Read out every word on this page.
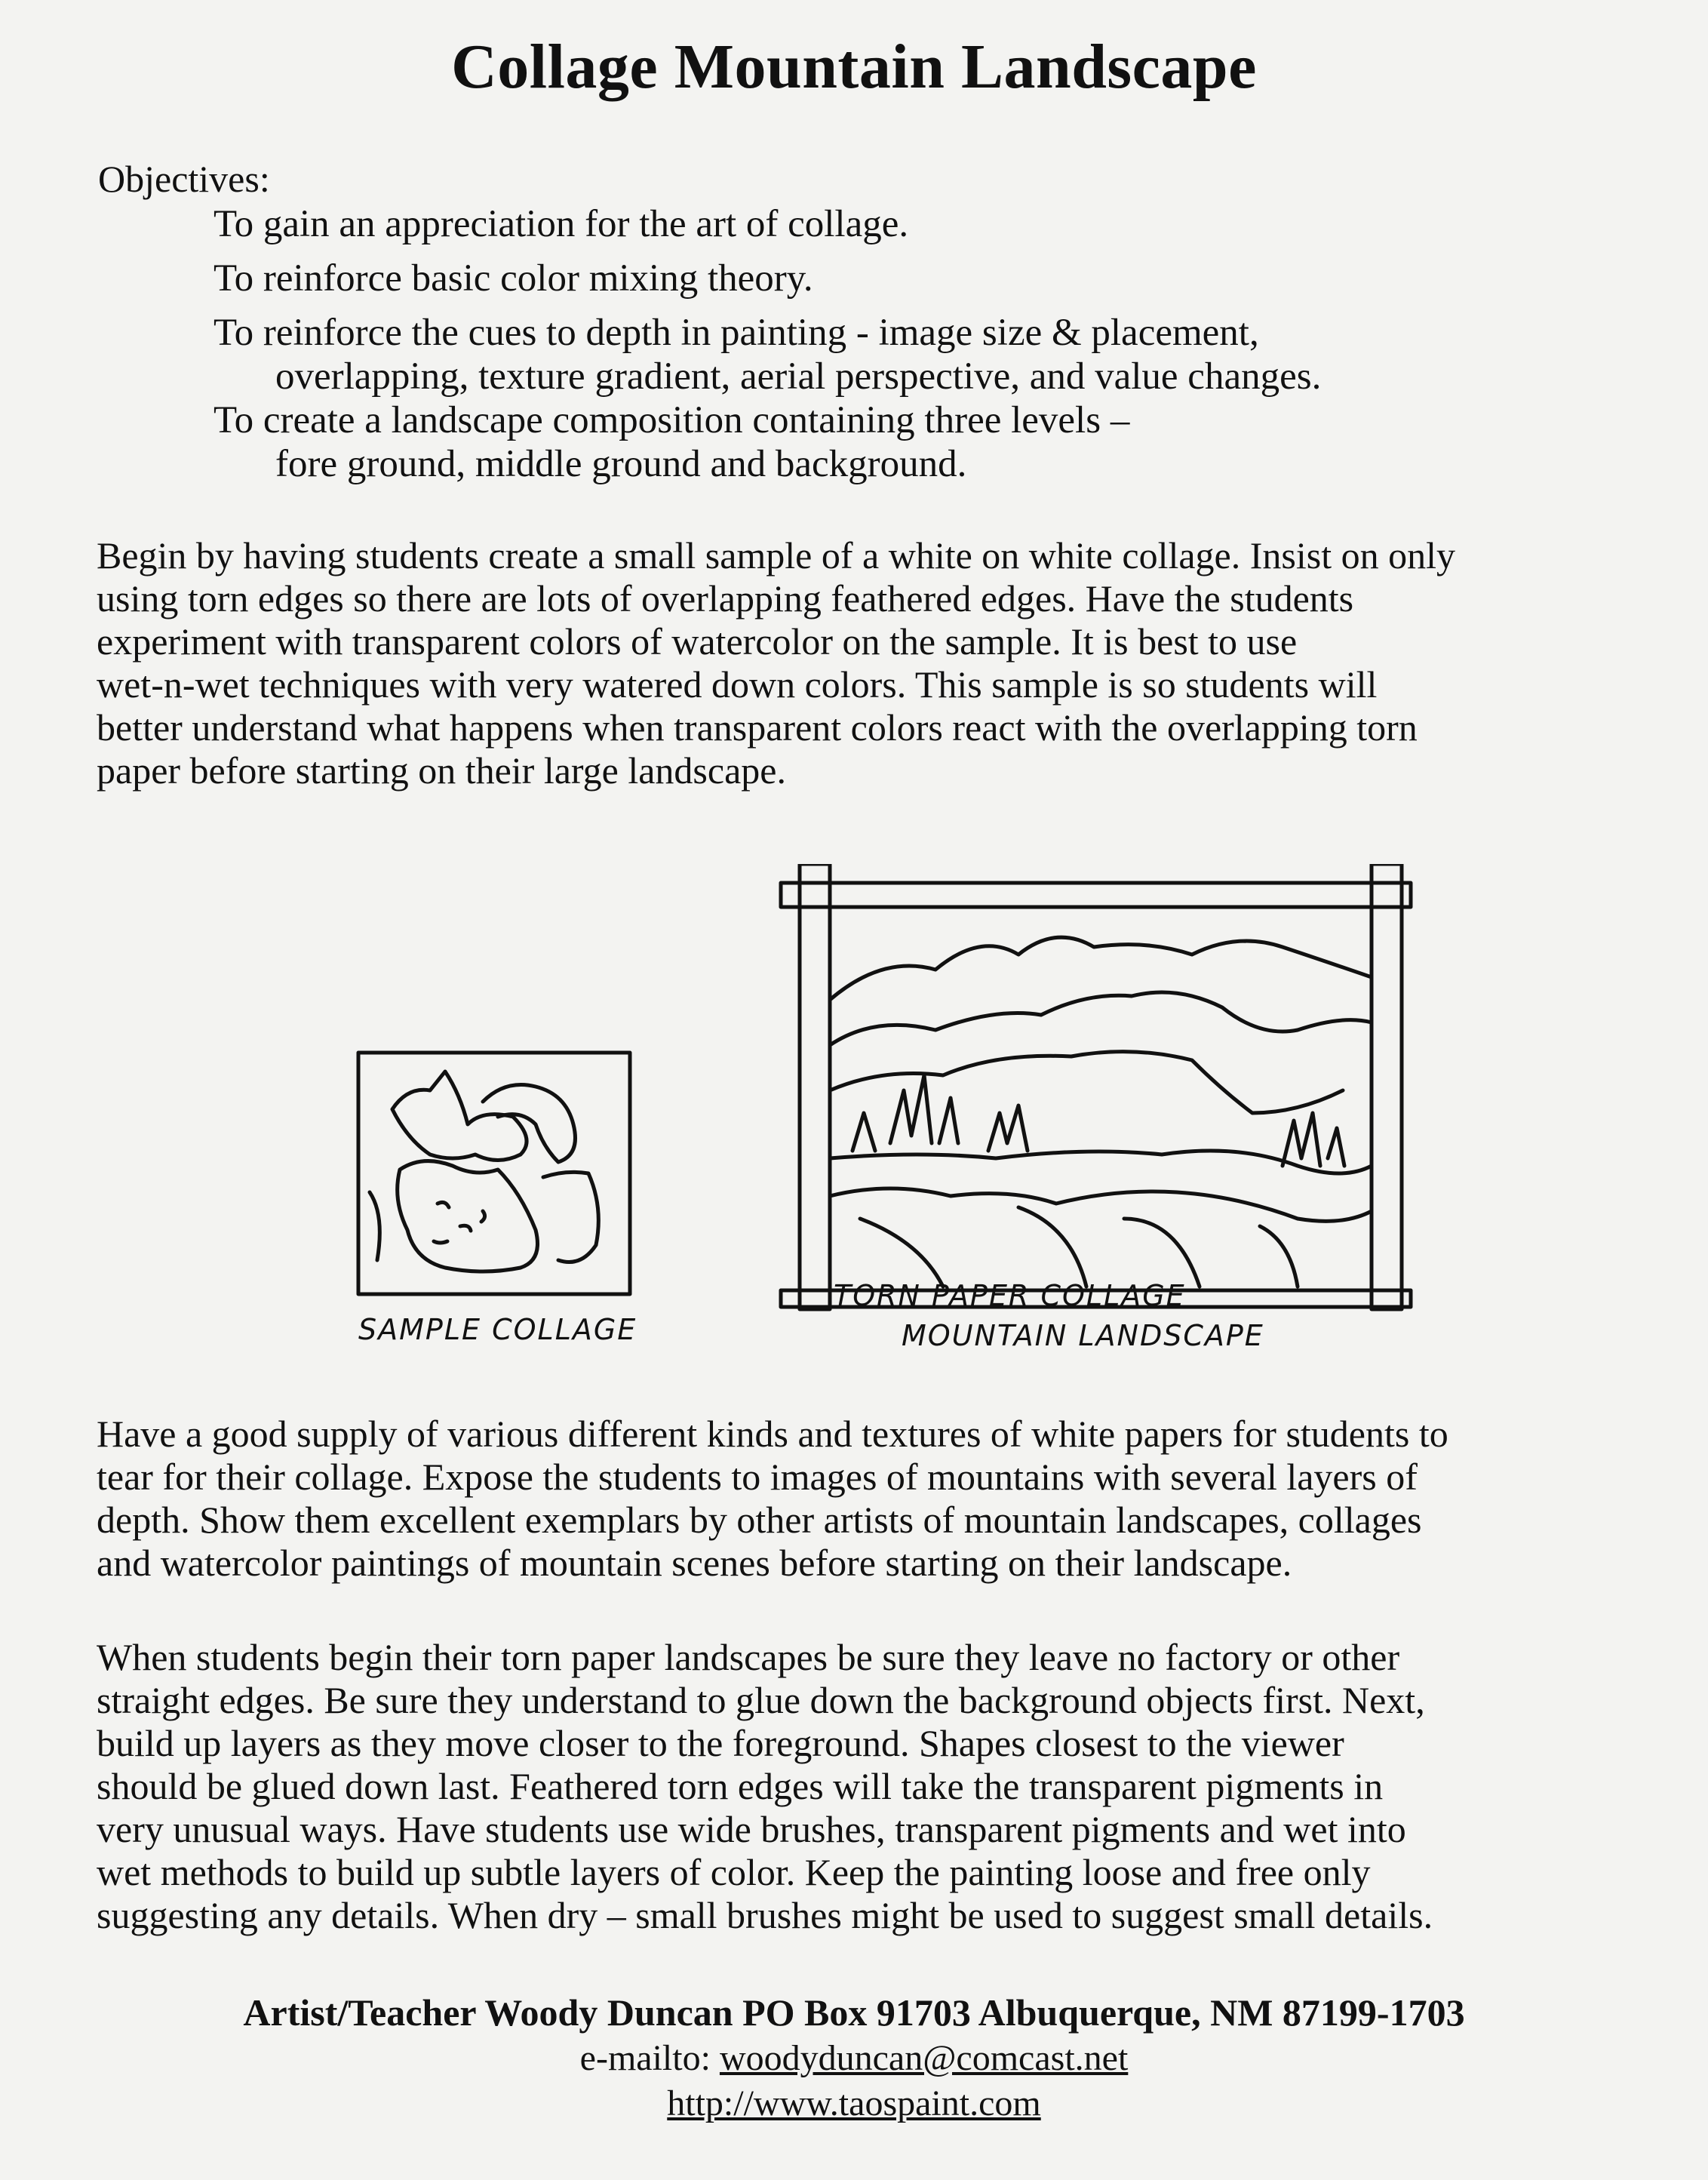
Collage Mountain Landscape
Objectives:
To gain an appreciation for the art of collage.
To reinforce basic color mixing theory.
To reinforce the cues to depth in painting - image size & placement,
overlapping, texture gradient, aerial perspective, and value changes.
To create a landscape composition containing three levels –
fore ground, middle ground and background.
Begin by having students create a small sample of a white on white collage. Insist on only
using torn edges so there are lots of overlapping feathered edges. Have the students
experiment with transparent colors of watercolor on the sample. It is best to use
wet-n-wet techniques with very watered down colors. This sample is so students will
better understand what happens when transparent colors react with the overlapping torn
paper before starting on their large landscape.
SAMPLE COLLAGE
TORN PAPER COLLAGE
MOUNTAIN LANDSCAPE
Have a good supply of various different kinds and textures of white papers for students to
tear for their collage. Expose the students to images of mountains with several layers of
depth. Show them excellent exemplars by other artists of mountain landscapes, collages
and watercolor paintings of mountain scenes before starting on their landscape.
When students begin their torn paper landscapes be sure they leave no factory or other
straight edges. Be sure they understand to glue down the background objects first. Next,
build up layers as they move closer to the foreground. Shapes closest to the viewer
should be glued down last. Feathered torn edges will take the transparent pigments in
very unusual ways. Have students use wide brushes, transparent pigments and wet into
wet methods to build up subtle layers of color. Keep the painting loose and free only
suggesting any details. When dry – small brushes might be used to suggest small details.
Artist/Teacher Woody Duncan PO Box 91703 Albuquerque, NM 87199-1703
e-mailto: woodyduncan@comcast.net
http://www.taospaint.com
